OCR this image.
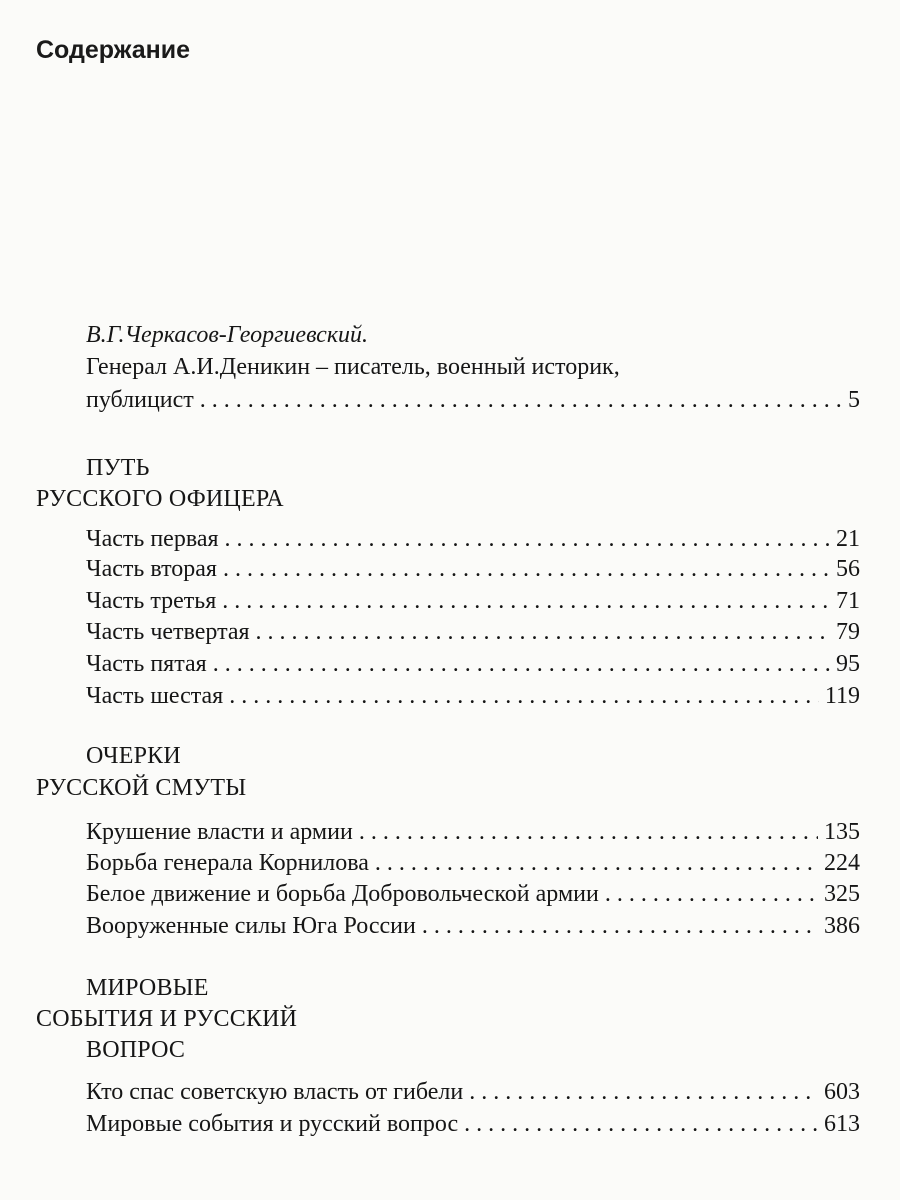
Содержание
В.Г.Черкасов-Георгиевский.
Генерал А.И.Деникин – писатель, военный историк,
публицист . . .	5
ПУТЬ
РУССКОГО ОФИЦЕРА
Часть первая . . .	21
Часть вторая . . .	56
Часть третья . . .	71
Часть четвертая . . .	79
Часть пятая . . .	95
Часть шестая . . .	119
ОЧЕРКИ
РУССКОЙ СМУТЫ
Крушение власти и армии . . .	135
Борьба генерала Корнилова . . .	224
Белое движение и борьба Добровольческой армии . . .	325
Вооруженные силы Юга России . . .	386
МИРОВЫЕ
СОБЫТИЯ И РУССКИЙ
ВОПРОС
Кто спас советскую власть от гибели . . .	603
Мировые события и русский вопрос . . .	613
